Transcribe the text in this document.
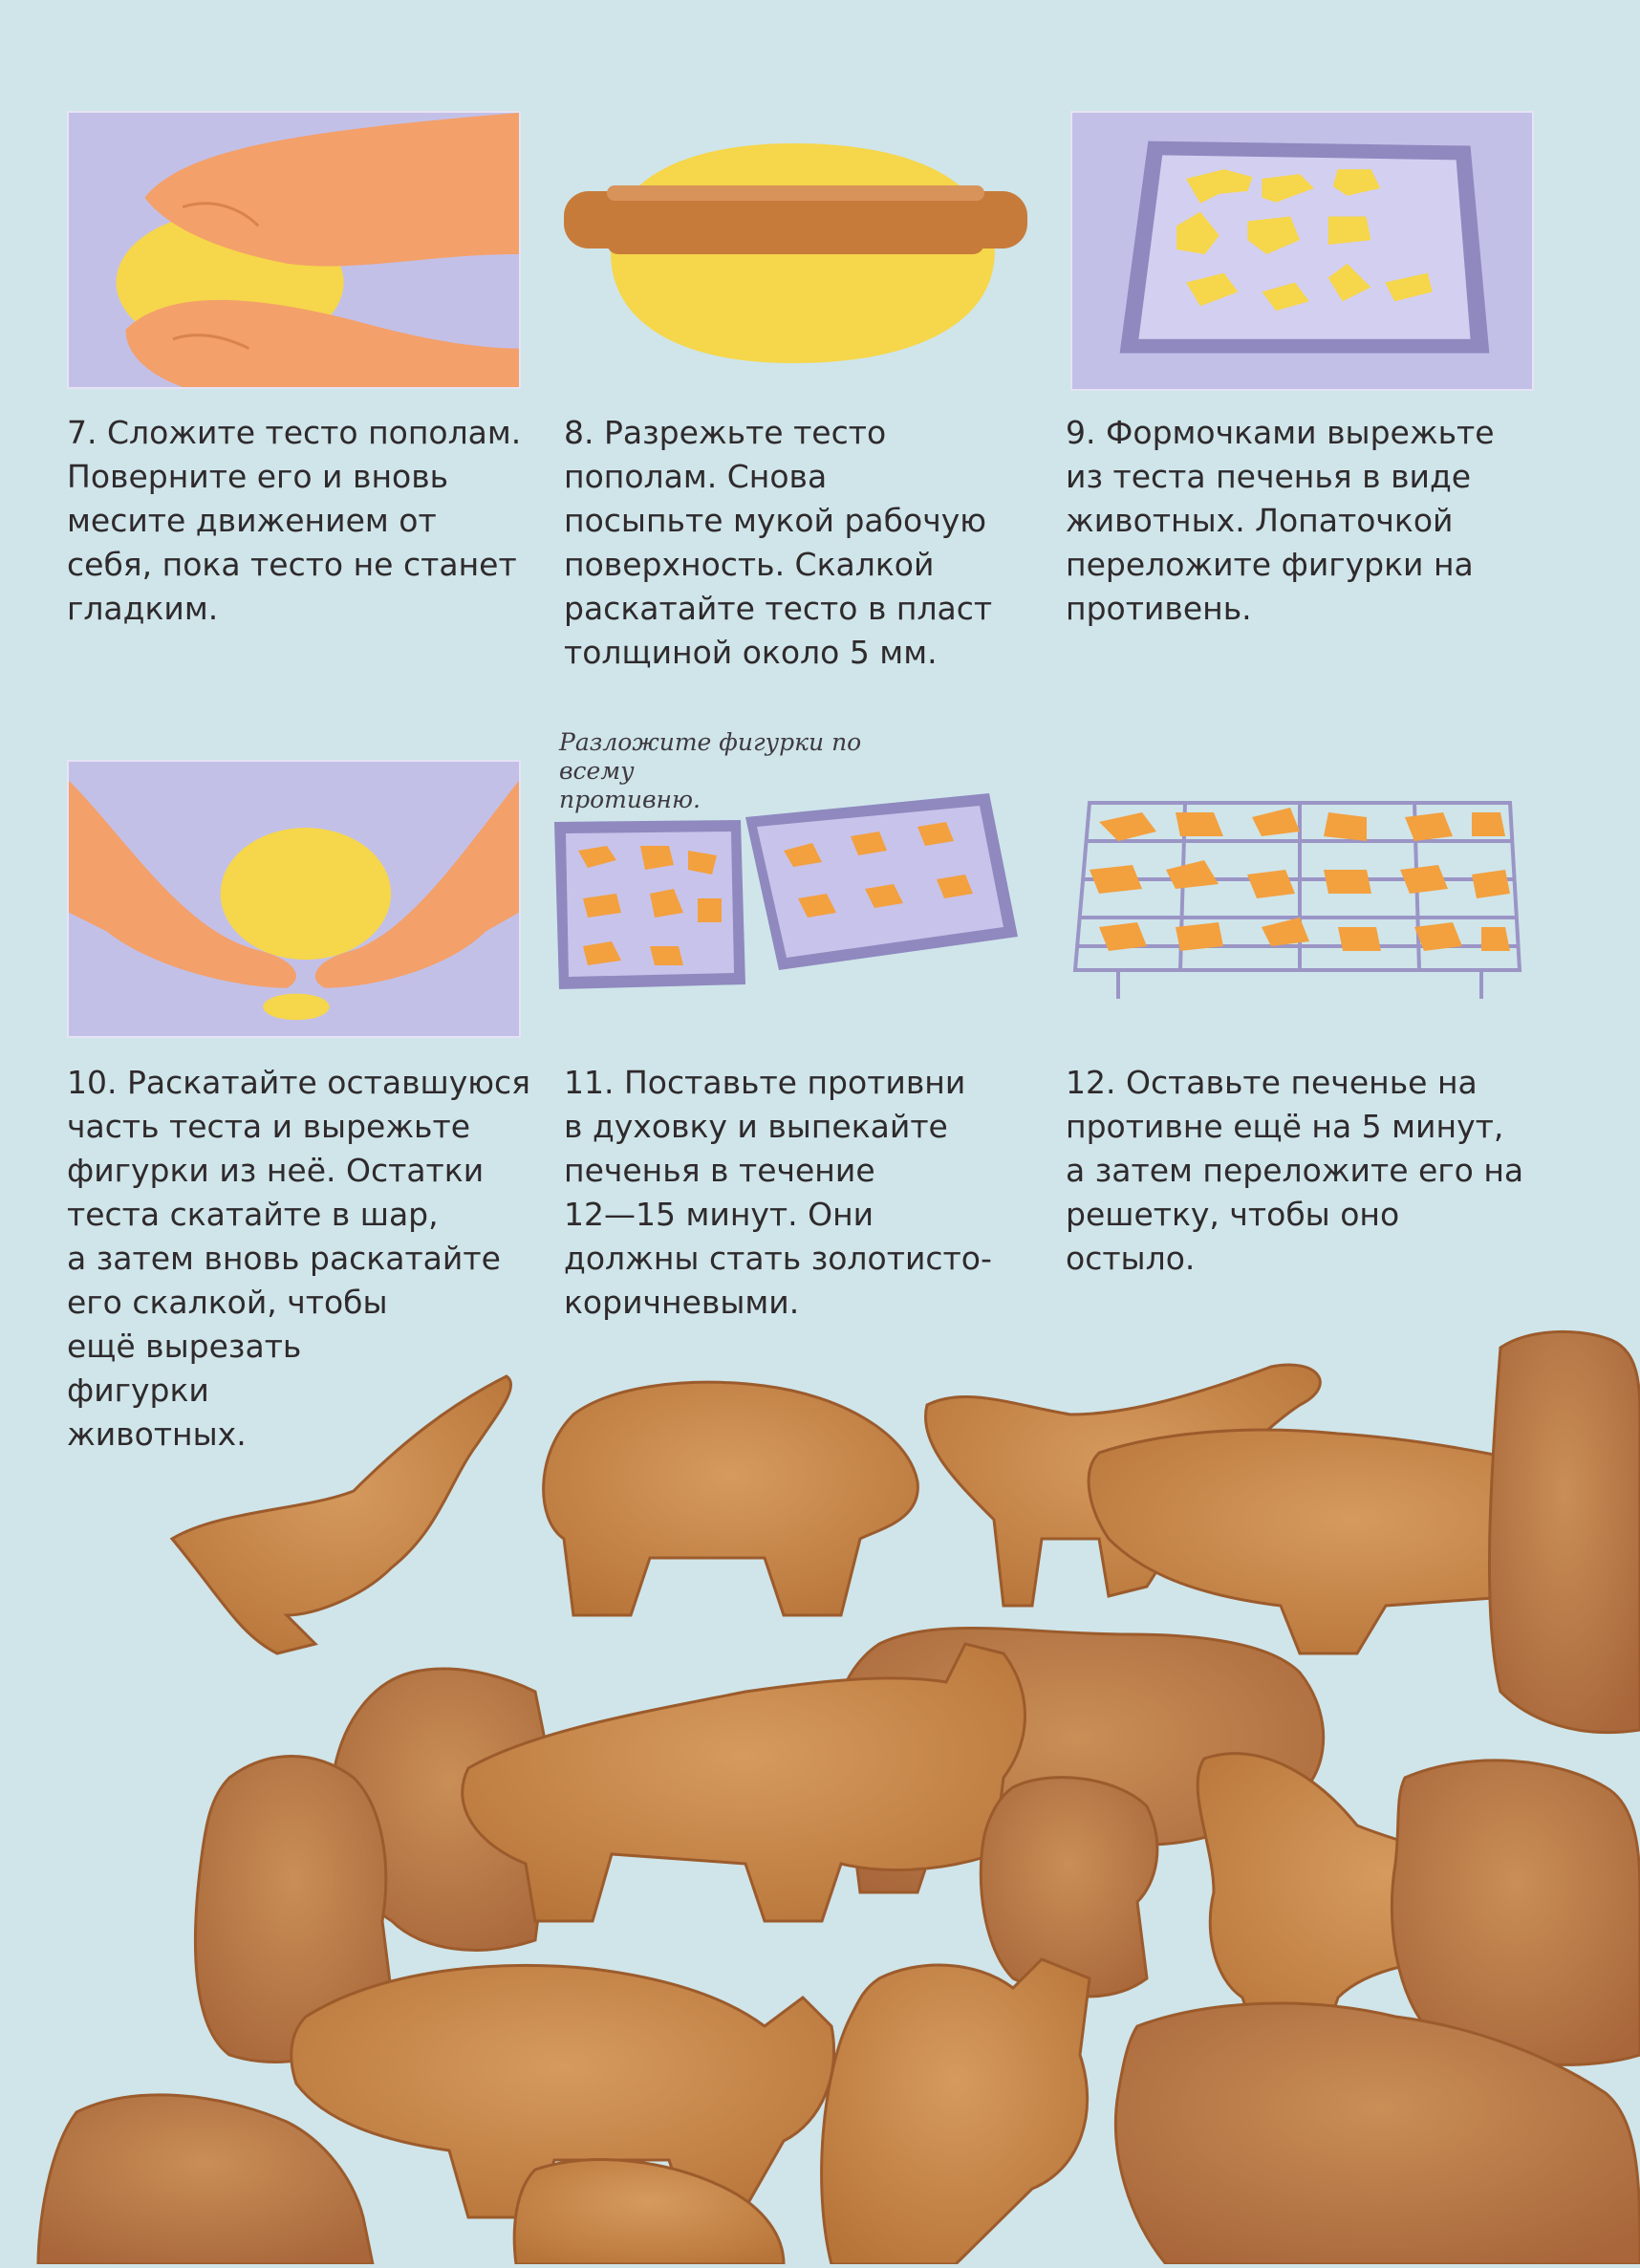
7. Сложите тесто пополам.
Поверните его и вновь
месите движением от
себя, пока тесто не станет
гладким.

8. Разрежьте тесто
пополам. Снова
посыпьте мукой рабочую
поверхность. Скалкой
раскатайте тесто в пласт
толщиной около 5 мм.

9. Формочками вырежьте
из теста печенья в виде
животных. Лопаточкой
переложите фигурки на
противень.

Разложите фигурки по всему
противню.

10. Раскатайте оставшуюся
часть теста и вырежьте
фигурки из неё. Остатки
теста скатайте в шар,
а затем вновь раскатайте
его скалкой, чтобы
ещё вырезать
фигурки
животных.

11. Поставьте противни
в духовку и выпекайте
печенья в течение
12—15 минут. Они
должны стать золотисто-
коричневыми.

12. Оставьте печенье на
противне ещё на 5 минут,
а затем переложите его на
решетку, чтобы оно остыло.
